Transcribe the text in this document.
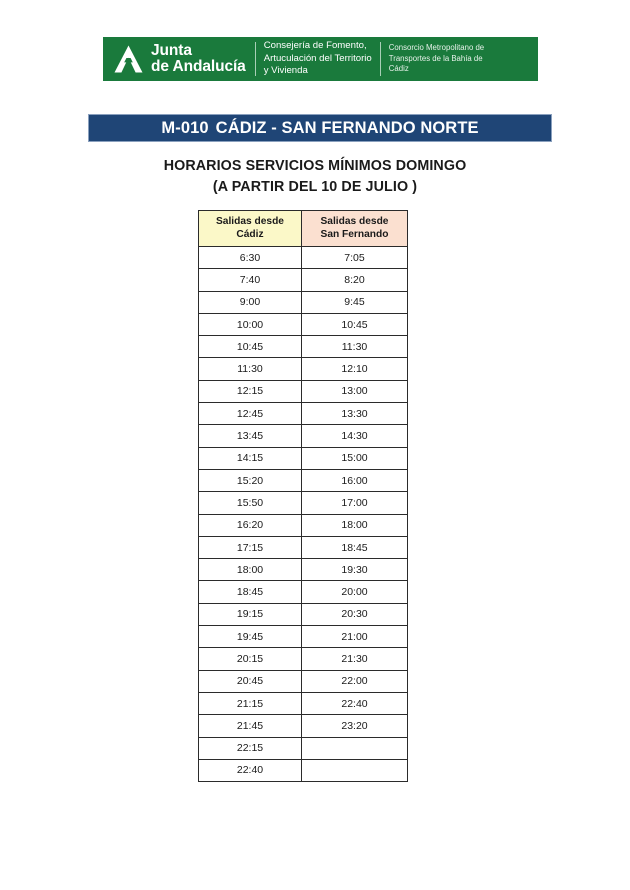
Junta
de Andalucía
Consejería de Fomento,
Artuculación del Territorio
y Vivienda
Consorcio Metropolitano de
Transportes de la Bahía de
Cádiz
M-010 CÁDIZ - SAN FERNANDO NORTE
HORARIOS SERVICIOS MÍNIMOS DOMINGO
(A PARTIR DEL 10 DE JULIO )
Salidas desde
Cádiz	Salidas desde
San Fernando
6:30	7:05
7:40	8:20
9:00	9:45
10:00	10:45
10:45	11:30
11:30	12:10
12:15	13:00
12:45	13:30
13:45	14:30
14:15	15:00
15:20	16:00
15:50	17:00
16:20	18:00
17:15	18:45
18:00	19:30
18:45	20:00
19:15	20:30
19:45	21:00
20:15	21:30
20:45	22:00
21:15	22:40
21:45	23:20
22:15	
22:40	
